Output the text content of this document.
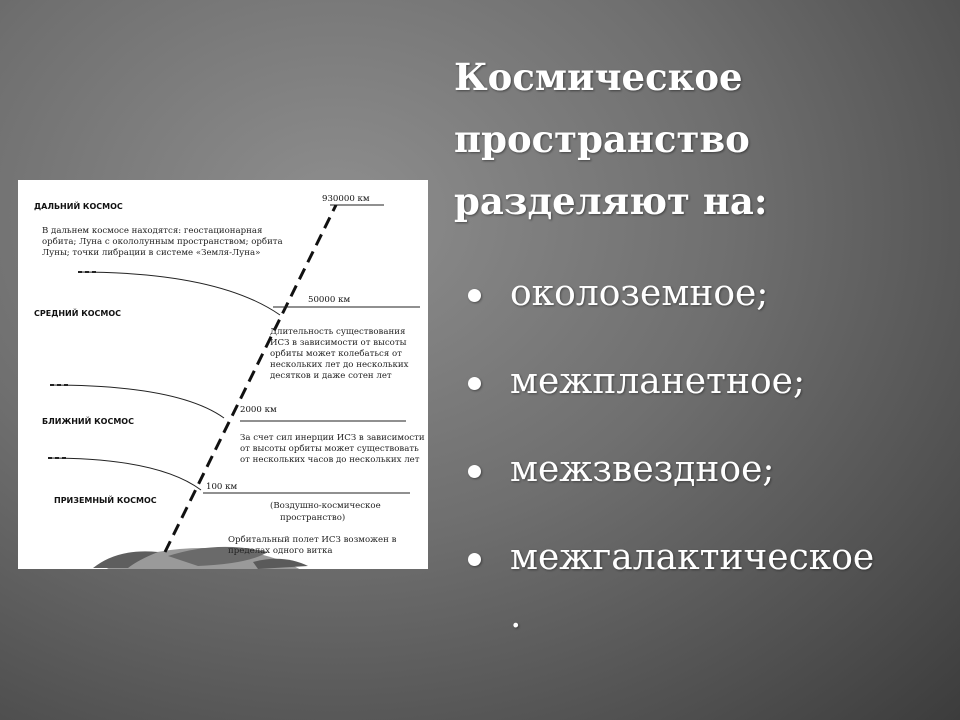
ДАЛЬНИЙ КОСМОС
СРЕДНИЙ КОСМОС
БЛИЖНИЙ КОСМОС
ПРИЗЕМНЫЙ КОСМОС
930000 км
50000 км
2000 км
100 км
В дальнем космосе находятся: геостационарная
орбита; Луна с окололунным пространством; орбита
Луны; точки либрации в системе «Земля-Луна»
Длительность существования
ИСЗ в зависимости от высоты
орбиты может колебаться от
нескольких лет до нескольких
десятков и даже сотен лет
За счет сил инерции ИСЗ в зависимости
от высоты орбиты может существовать
от нескольких часов до нескольких лет
(Воздушно-космическое
пространство)
Орбитальный полет ИСЗ возможен в
пределах одного витка
Космическое
пространство
разделяют на:
околоземное;
межпланетное;
межзвездное;
межгалактическое
.
